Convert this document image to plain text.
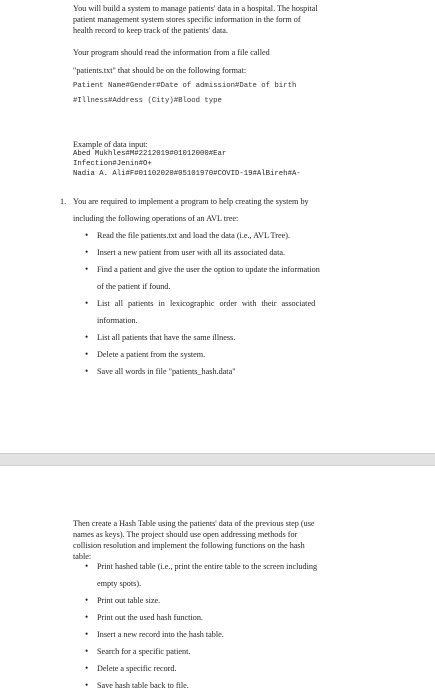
You will build a system to manage patients' data in a hospital. The hospital
patient management system stores specific information in the form of
health record to keep track of the patients' data.
Your program should read the information from a file called
"patients.txt" that should be on the following format:
Patient Name#Gender#Date of admission#Date of birth
#Illness#Address (City)#Blood type
Example of data input:
Abed Mukhles#M#2212019#01012000#Ear
Infection#Jenin#O+
Nadia A. Ali#F#01102020#05101970#COVID-19#AlBireh#A-
1. You are required to implement a program to help creating the system by
including the following operations of an AVL tree:
• Read the file patients.txt and load the data (i.e., AVL Tree).
• Insert a new patient from user with all its associated data.
• Find a patient and give the user the option to update the information
of the patient if found.
• List all patients in lexicographic order with their associated
information.
• List all patients that have the same illness.
• Delete a patient from the system.
• Save all words in file "patients_hash.data"
Then create a Hash Table using the patients' data of the previous step (use
names as keys). The project should use open addressing methods for
collision resolution and implement the following functions on the hash
table:
• Print hashed table (i.e., print the entire table to the screen including
empty spots).
• Print out table size.
• Print out the used hash function.
• Insert a new record into the hash table.
• Search for a specific patient.
• Delete a specific record.
• Save hash table back to file.
